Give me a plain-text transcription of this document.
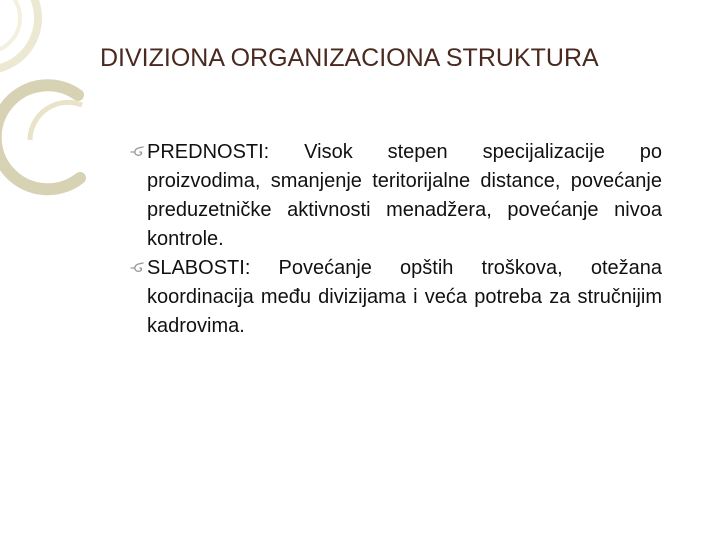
DIVIZIONA ORGANIZACIONA STRUKTURA
PREDNOSTI: Visok stepen specijalizacije po proizvodima, smanjenje teritorijalne distance, povećanje preduzetničke aktivnosti menadžera, povećanje nivoa kontrole.
SLABOSTI: Povećanje opštih troškova, otežana koordinacija među divizijama i veća potreba za stručnijim kadrovima.
